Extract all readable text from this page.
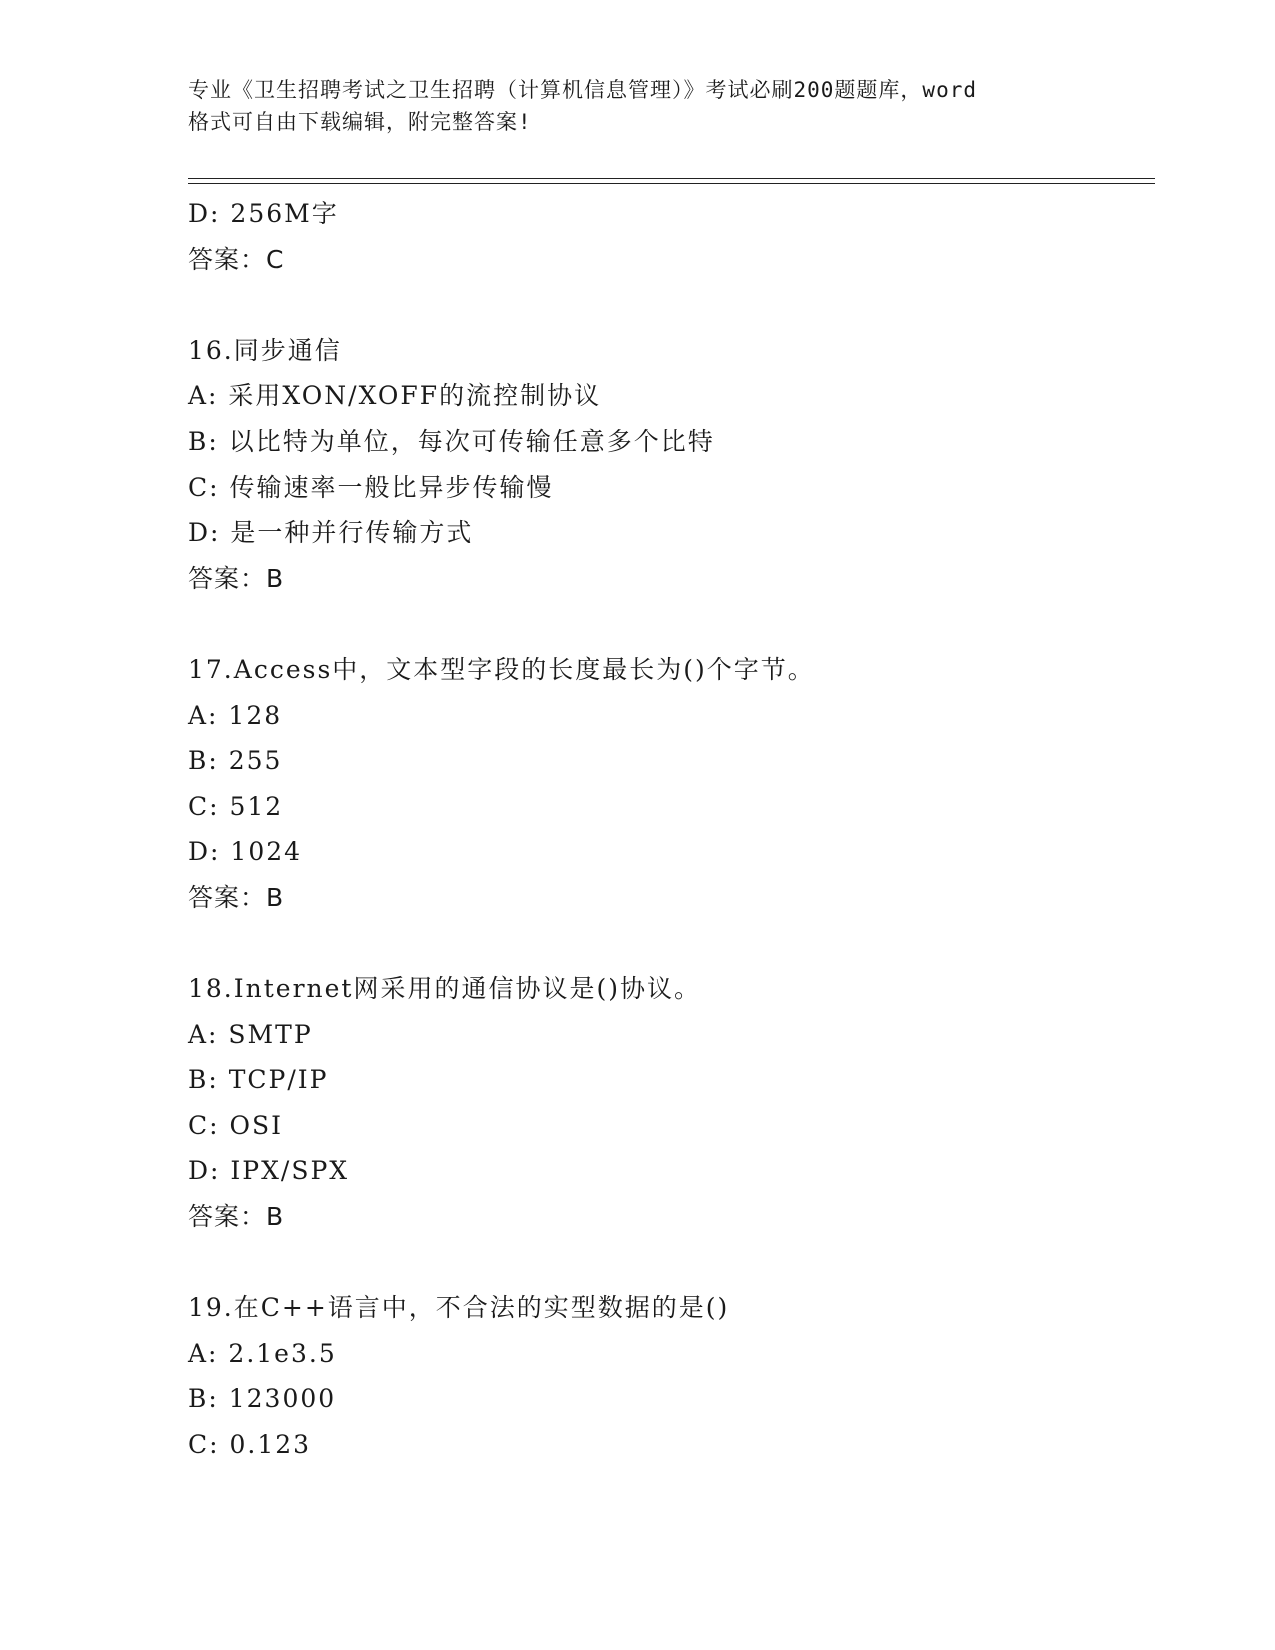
专业《卫生招聘考试之卫生招聘（计算机信息管理）》考试必刷200题题库，word
格式可自由下载编辑，附完整答案!
D: 256M字
答案：C
16.同步通信
A: 采用XON/XOFF的流控制协议
B: 以比特为单位，每次可传输任意多个比特
C: 传输速率一般比异步传输慢
D: 是一种并行传输方式
答案：B
17.Access中，文本型字段的长度最长为()个字节。
A: 128
B: 255
C: 512
D: 1024
答案：B
18.Internet网采用的通信协议是()协议。
A: SMTP
B: TCP/IP
C: OSI
D: IPX/SPX
答案：B
19.在C++语言中，不合法的实型数据的是()
A: 2.1e3.5
B: 123000
C: 0.123
